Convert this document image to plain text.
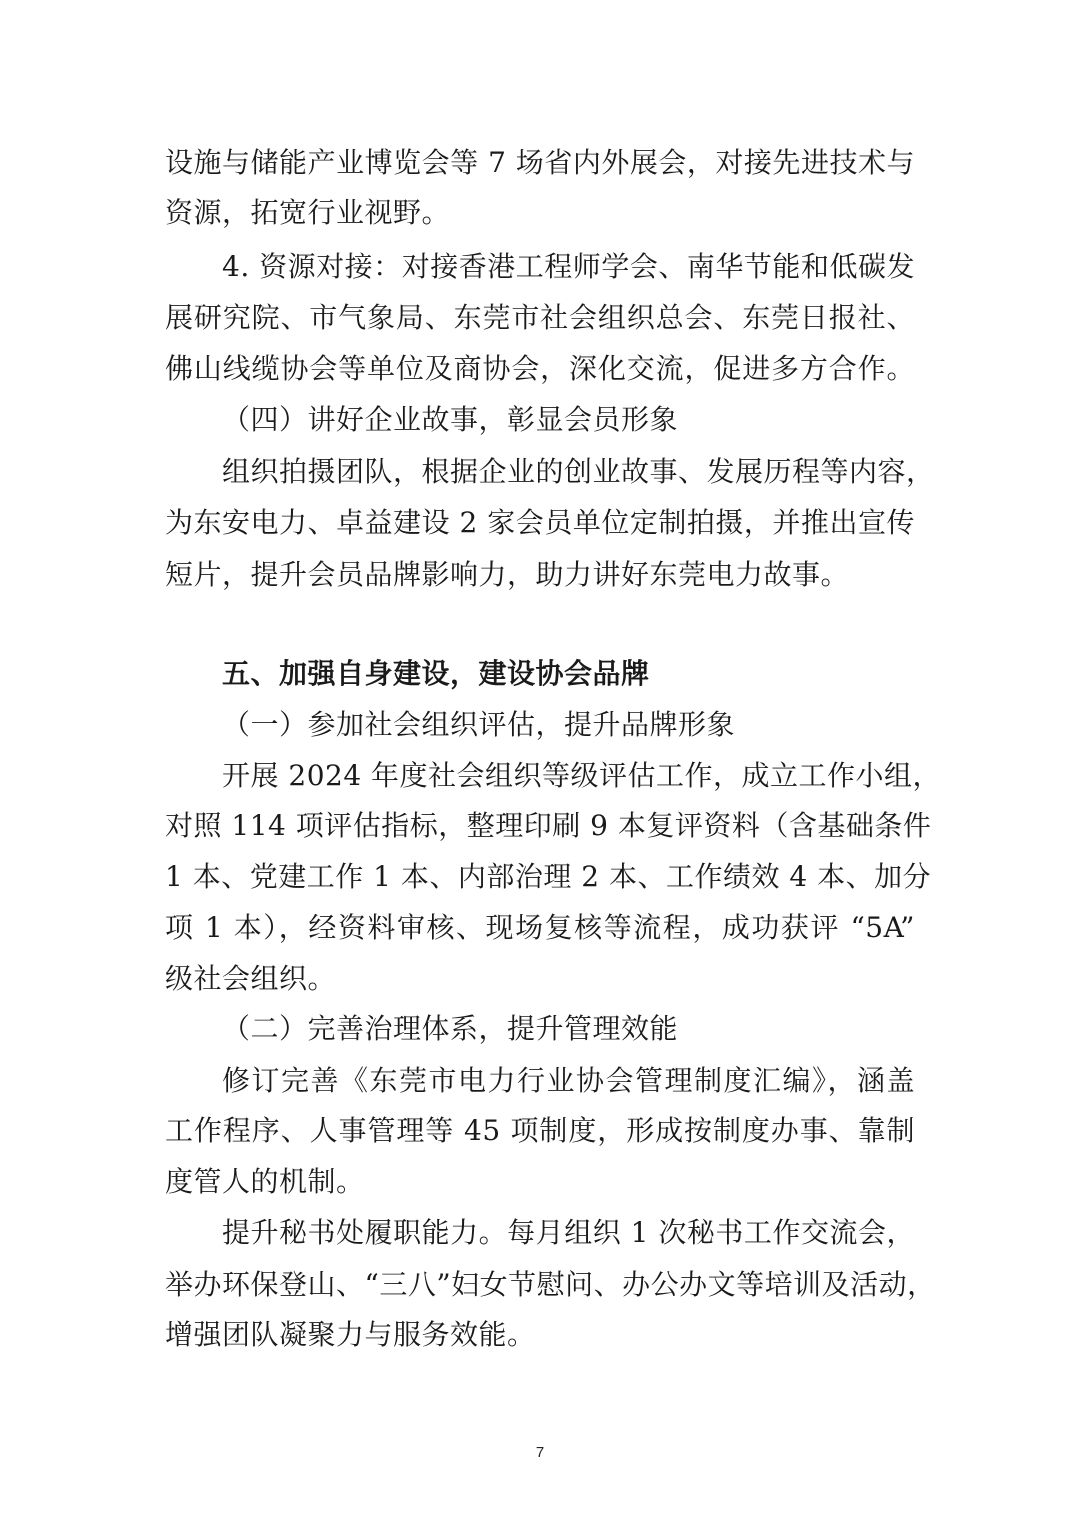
设施与储能产业博览会等 7 场省内外展会，对接先进技术与
资源，拓宽行业视野。
4. 资源对接：对接香港工程师学会、南华节能和低碳发
展研究院、市气象局、东莞市社会组织总会、东莞日报社、
佛山线缆协会等单位及商协会，深化交流，促进多方合作。
（四）讲好企业故事，彰显会员形象
组织拍摄团队，根据企业的创业故事、发展历程等内容，
为东安电力、卓益建设 2 家会员单位定制拍摄，并推出宣传
短片，提升会员品牌影响力，助力讲好东莞电力故事。
五、加强自身建设，建设协会品牌
（一）参加社会组织评估，提升品牌形象
开展 2024 年度社会组织等级评估工作，成立工作小组，
对照 114 项评估指标，整理印刷 9 本复评资料（含基础条件
1 本、党建工作 1 本、内部治理 2 本、工作绩效 4 本、加分
项 1 本），经资料审核、现场复核等流程，成功获评 “5A”
级社会组织。
（二）完善治理体系，提升管理效能
修订完善《东莞市电力行业协会管理制度汇编》，涵盖
工作程序、人事管理等 45 项制度，形成按制度办事、靠制
度管人的机制。
提升秘书处履职能力。每月组织 1 次秘书工作交流会，
举办环保登山、“三八”妇女节慰问、办公办文等培训及活动，
增强团队凝聚力与服务效能。
7
